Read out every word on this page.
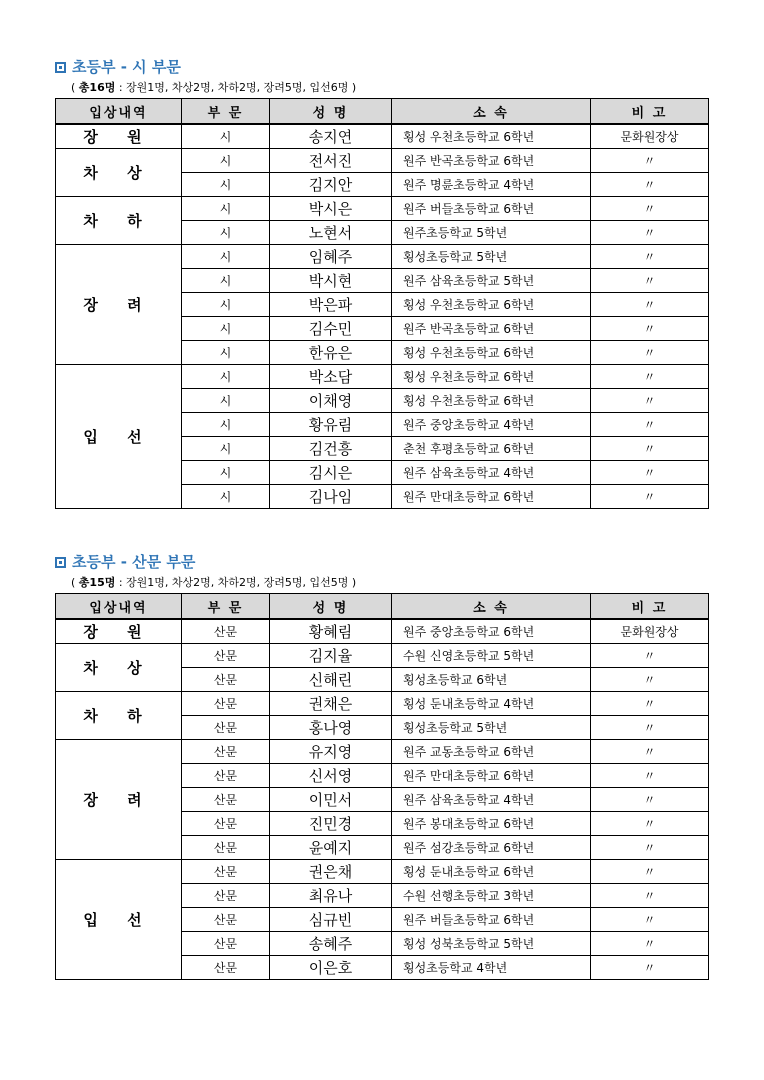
초등부 - 시 부문
( 총16명 : 장원1명, 차상2명, 차하2명, 장려5명, 입선6명 )
입상내역	부 문	성 명	소 속	비 고
장 원	시	송지연	횡성 우천초등학교 6학년	문화원장상
차 상	시	전서진	원주 반곡초등학교 6학년	〃
	시	김지안	원주 명륜초등학교 4학년	〃
차 하	시	박시은	원주 버들초등학교 6학년	〃
	시	노현서	원주초등학교 5학년	〃
장 려	시	임혜주	횡성초등학교 5학년	〃
	시	박시현	원주 삼육초등학교 5학년	〃
	시	박은파	횡성 우천초등학교 6학년	〃
	시	김수민	원주 반곡초등학교 6학년	〃
	시	한유은	횡성 우천초등학교 6학년	〃
입 선	시	박소담	횡성 우천초등학교 6학년	〃
	시	이채영	횡성 우천초등학교 6학년	〃
	시	황유림	원주 중앙초등학교 4학년	〃
	시	김건흥	춘천 후평초등학교 6학년	〃
	시	김시은	원주 삼육초등학교 4학년	〃
	시	김나임	원주 만대초등학교 6학년	〃
초등부 - 산문 부문
( 총15명 : 장원1명, 차상2명, 차하2명, 장려5명, 입선5명 )
입상내역	부 문	성 명	소 속	비 고
장 원	산문	황혜림	원주 중앙초등학교 6학년	문화원장상
차 상	산문	김지율	수원 신영초등학교 5학년	〃
	산문	신해린	횡성초등학교 6학년	〃
차 하	산문	권채은	횡성 둔내초등학교 4학년	〃
	산문	홍나영	횡성초등학교 5학년	〃
장 려	산문	유지영	원주 교동초등학교 6학년	〃
	산문	신서영	원주 만대초등학교 6학년	〃
	산문	이민서	원주 삼육초등학교 4학년	〃
	산문	진민경	원주 봉대초등학교 6학년	〃
	산문	윤예지	원주 섬강초등학교 6학년	〃
입 선	산문	권은채	횡성 둔내초등학교 6학년	〃
	산문	최유나	수원 선행초등학교 3학년	〃
	산문	심규빈	원주 버들초등학교 6학년	〃
	산문	송혜주	횡성 성북초등학교 5학년	〃
	산문	이은호	횡성초등학교 4학년	〃
